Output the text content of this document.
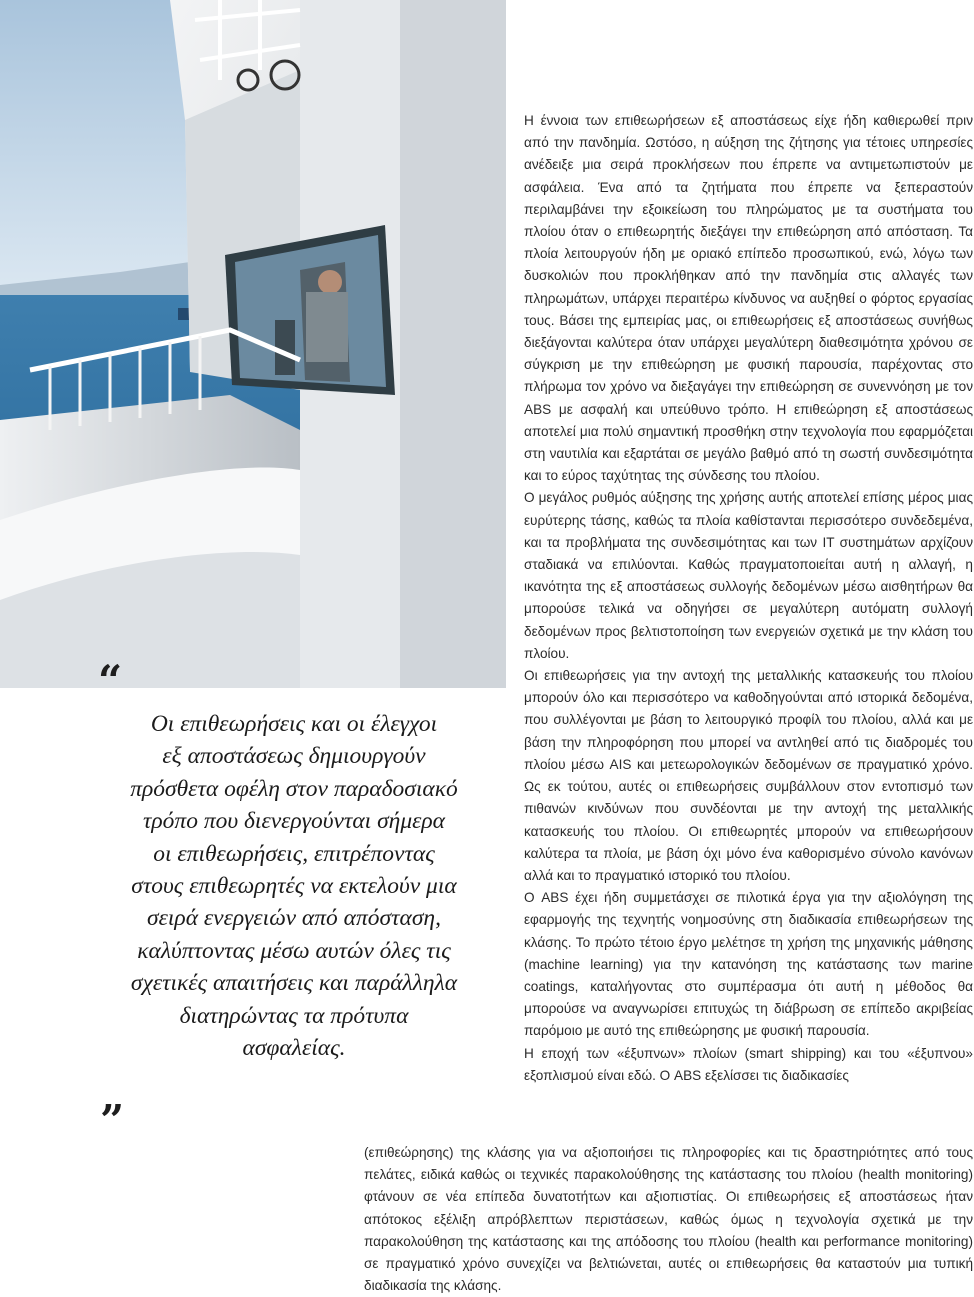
“
Οι επιθεωρήσεις και οι έλεγχοι
εξ αποστάσεως δημιουργούν
πρόσθετα οφέλη στον παραδοσιακό
τρόπο που διενεργούνται σήμερα
οι επιθεωρήσεις, επιτρέποντας
στους επιθεωρητές να εκτελούν μια
σειρά ενεργειών από απόσταση,
καλύπτοντας μέσω αυτών όλες τις
σχετικές απαιτήσεις και παράλληλα
διατηρώντας τα πρότυπα
ασφαλείας.
”

Η έννοια των επιθεωρήσεων εξ αποστάσεως είχε ήδη καθιερωθεί πριν από την πανδημία. Ωστόσο, η αύξηση της ζήτησης για τέτοιες υπηρεσίες ανέδειξε μια σειρά προκλήσεων που έπρεπε να αντιμετωπιστούν με ασφάλεια. Ένα από τα ζητήματα που έπρεπε να ξεπεραστούν περιλαμβάνει την εξοικείωση του πληρώματος με τα συστήματα του πλοίου όταν ο επιθεωρητής διεξάγει την επιθεώρηση από απόσταση. Τα πλοία λειτουργούν ήδη με οριακό επίπεδο προσωπικού, ενώ, λόγω των δυσκολιών που προκλήθηκαν από την πανδημία στις αλλαγές των πληρωμάτων, υπάρχει περαιτέρω κίνδυνος να αυξηθεί ο φόρτος εργασίας τους. Βάσει της εμπειρίας μας, οι επιθεωρήσεις εξ αποστάσεως συνήθως διεξάγονται καλύτερα όταν υπάρχει μεγαλύτερη διαθεσιμότητα χρόνου σε σύγκριση με την επιθεώρηση με φυσική παρουσία, παρέχοντας στο πλήρωμα τον χρόνο να διεξαγάγει την επιθεώρηση σε συνεννόηση με τον ABS με ασφαλή και υπεύθυνο τρόπο. Η επιθεώρηση εξ αποστάσεως αποτελεί μια πολύ σημαντική προσθήκη στην τεχνολογία που εφαρμόζεται στη ναυτιλία και εξαρτάται σε μεγάλο βαθμό από τη σωστή συνδεσιμότητα και το εύρος ταχύτητας της σύνδεσης του πλοίου.

Ο μεγάλος ρυθμός αύξησης της χρήσης αυτής αποτελεί επίσης μέρος μιας ευρύτερης τάσης, καθώς τα πλοία καθίστανται περισσότερο συνδεδεμένα, και τα προβλήματα της συνδεσιμότητας και των IT συστημάτων αρχίζουν σταδιακά να επιλύονται. Καθώς πραγματοποιείται αυτή η αλλαγή, η ικανότητα της εξ αποστάσεως συλλογής δεδομένων μέσω αισθητήρων θα μπορούσε τελικά να οδηγήσει σε μεγαλύτερη αυτόματη συλλογή δεδομένων προς βελτιστοποίηση των ενεργειών σχετικά με την κλάση του πλοίου.

Οι επιθεωρήσεις για την αντοχή της μεταλλικής κατασκευής του πλοίου μπορούν όλο και περισσότερο να καθοδηγούνται από ιστορικά δεδομένα, που συλλέγονται με βάση το λειτουργικό προφίλ του πλοίου, αλλά και με βάση την πληροφόρηση που μπορεί να αντληθεί από τις διαδρομές του πλοίου μέσω AIS και μετεωρολογικών δεδομένων σε πραγματικό χρόνο. Ως εκ τούτου, αυτές οι επιθεωρήσεις συμβάλλουν στον εντοπισμό των πιθανών κινδύνων που συνδέονται με την αντοχή της μεταλλικής κατασκευής του πλοίου. Οι επιθεωρητές μπορούν να επιθεωρήσουν καλύτερα τα πλοία, με βάση όχι μόνο ένα καθορισμένο σύνολο κανόνων αλλά και το πραγματικό ιστορικό του πλοίου.

Ο ABS έχει ήδη συμμετάσχει σε πιλοτικά έργα για την αξιολόγηση της εφαρμογής της τεχνητής νοημοσύνης στη διαδικασία επιθεωρήσεων της κλάσης. Το πρώτο τέτοιο έργο μελέτησε τη χρήση της μηχανικής μάθησης (machine learning) για την κατανόηση της κατάστασης των marine coatings, καταλήγοντας στο συμπέρασμα ότι αυτή η μέθοδος θα μπορούσε να αναγνωρίσει επιτυχώς τη διάβρωση σε επίπεδο ακριβείας παρόμοιο με αυτό της επιθεώρησης με φυσική παρουσία.

Η εποχή των «έξυπνων» πλοίων (smart shipping) και του «έξυπνου» εξοπλισμού είναι εδώ. Ο ABS εξελίσσει τις διαδικασίες

(επιθεώρησης) της κλάσης για να αξιοποιήσει τις πληροφορίες και τις δραστηριότητες από τους πελάτες, ειδικά καθώς οι τεχνικές παρακολούθησης της κατάστασης του πλοίου (health monitoring) φτάνουν σε νέα επίπεδα δυνατοτήτων και αξιοπιστίας. Οι επιθεωρήσεις εξ αποστάσεως ήταν απότοκος εξέλιξη απρόβλεπτων περιστάσεων, καθώς όμως η τεχνολογία σχετικά με την παρακολούθηση της κατάστασης και της απόδοσης του πλοίου (health και performance monitoring) σε πραγματικό χρόνο συνεχίζει να βελτιώνεται, αυτές οι επιθεωρήσεις θα καταστούν μια τυπική διαδικασία της κλάσης.
